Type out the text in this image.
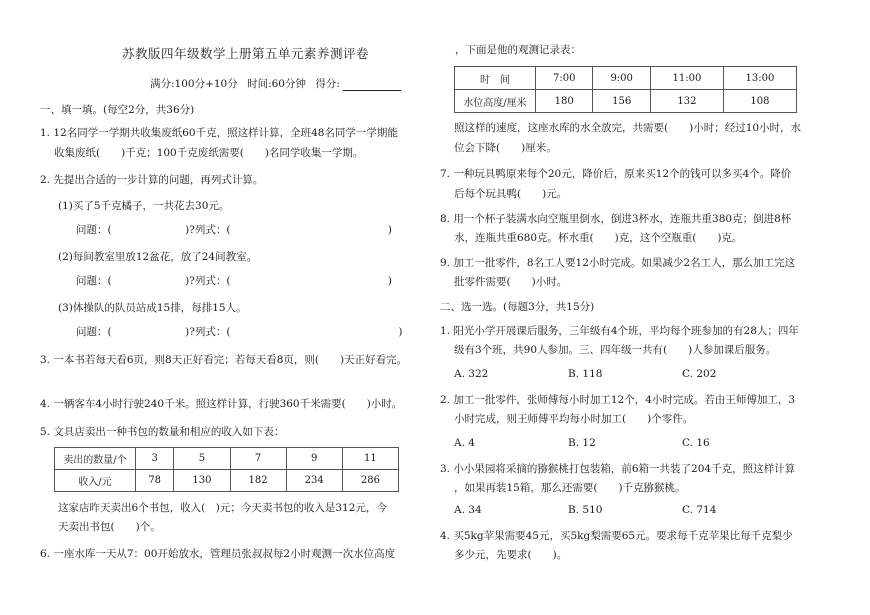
苏教版四年级数学上册第五单元素养测评卷
满分:100分+10分 时间:60分钟 得分:
一、填一填。(每空2分，共36分)
1. 12名同学一学期共收集废纸60千克，照这样计算，全班48名同学一学期能
收集废纸(　　)千克；100千克废纸需要(　　)名同学收集一学期。
2. 先提出合适的一步计算的问题，再列式计算。
(1)买了5千克橘子，一共花去30元。
问题：(　　　　　　　)?列式：(　　　　　　　　　　　　　　　)
(2)每间教室里放12盆花，放了24间教室。
问题：(　　　　　　　)?列式：(　　　　　　　　　　　　　　　)
(3)体操队的队员站成15排，每排15人。
问题：(　　　　　　　)?列式：(　　　　　　　　　　　　　　　　)
3. 一本书若每天看6页，则8天正好看完；若每天看8页，则(　　)天正好看完。
4. 一辆客车4小时行驶240千米。照这样计算，行驶360千米需要(　　)小时。
5. 文具店卖出一种书包的数量和相应的收入如下表：
卖出的数量/个	3	5	7	9	11
收入/元	78	130	182	234	286
这家店昨天卖出6个书包，收入(　)元；今天卖书包的收入是312元，今
天卖出书包(　　)个。
6. 一座水库一天从7：00开始放水，管理员张叔叔每2小时观测一次水位高度
，下面是他的观测记录表：
时　间	7:00	9:00	11:00	13:00
水位高度/厘米	180	156	132	108
照这样的速度，这座水库的水全放完，共需要(　　)小时；经过10小时，水
位会下降(　　)厘米。
7. 一种玩具鸭原来每个20元，降价后，原来买12个的钱可以多买4个。降价
后每个玩具鸭(　　)元。
8. 用一个杯子装满水向空瓶里倒水，倒进3杯水，连瓶共重380克；倒进8杯
水，连瓶共重680克。杯水重(　　)克，这个空瓶重(　　)克。
9. 加工一批零件，8名工人要12小时完成。如果减少2名工人，那么加工完这
批零件需要(　　)小时。
二、选一选。(每题3分，共15分)
1. 阳光小学开展课后服务，三年级有4个班，平均每个班参加的有28人；四年
级有3个班，共90人参加。三、四年级一共有(　　)人参加课后服务。
A. 322	B. 118	C. 202
2. 加工一批零件，张师傅每小时加工12个，4小时完成。若由王师傅加工，3
小时完成，则王师傅平均每小时加工(　　)个零件。
A. 4	B. 12	C. 16
3. 小小果园将采摘的猕猴桃打包装箱，前6箱一共装了204千克，照这样计算
，如果再装15箱，那么还需要(　　)千克猕猴桃。
A. 34	B. 510	C. 714
4. 买5kg苹果需要45元，买5kg梨需要65元。要求每千克苹果比每千克梨少
多少元，先要求(　　)。
